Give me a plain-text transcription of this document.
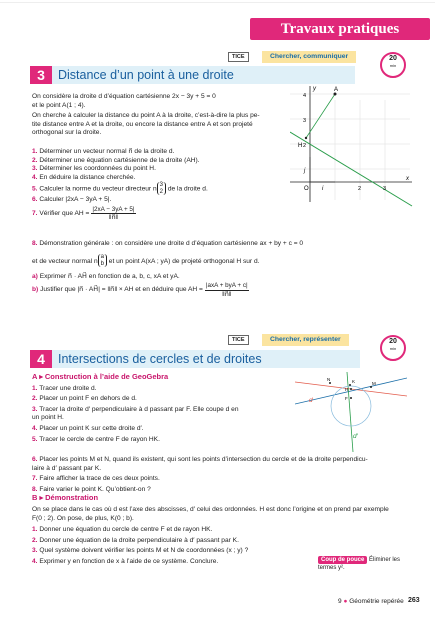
Travaux pratiques
TICE	Chercher, communiquer	20
min
3	Distance d’un point à une droite
On considère la droite d d’équation cartésienne 2x − 3y + 5 = 0
et le point A(1 ; 4).
On cherche à calculer la distance du point A à la droite, c’est-à-dire la plus pe-
tite distance entre A et la droite, ou encore la distance entre A et son projeté
orthogonal sur la droite.
1. Déterminer un vecteur normal n⃗ de la droite d.
2. Déterminer une équation cartésienne de la droite (AH).
3. Déterminer les coordonnées du point H.
4. En déduire la distance cherchée.
5. Calculer la norme du vecteur directeur n
3
2 de la droite d.
6. Calculer |2xA − 3yA + 5|.
7.
Vérifier que AH = $\frac{|2xA - 3yA + 5|}{‖n⃗‖}$
8. Démonstration générale : on considère une droite d d’équation cartésienne ax + by + c = 0
et de vecteur normal n
a
b et un point A(xA ; yA) de projeté orthogonal H sur d.
a) Exprimer n⃗ · AH⃗ en fonction de a, b, c, xA et yA.
b)
Justifier que |n⃗ · AH⃗| = ‖n⃗‖ × AH et en déduire que AH =
|axA + byA + c|
‖n⃗‖
y
x
O i
j
A
H
4
3
2
2	3
TICE	Chercher, représenter	20
min
4	Intersections de cercles et de droites
A ▸ Construction à l’aide de GeoGebra
1. Tracer une droite d.
2. Placer un point F en dehors de d.
3. Tracer la droite d′ perpendiculaire à d passant par F. Elle coupe d en
un point H.
4. Placer un point K sur cette droite d′.
5. Tracer le cercle de centre F de rayon HK.
6. Placer les points M et N, quand ils existent, qui sont les points d’intersection du cercle et de la droite perpendicu-
laire à d′ passant par K.
7. Faire afficher la trace de ces deux points.
8. Faire varier le point K. Qu’obtient-on ?
B ▸ Démonstration
On se place dans le cas où d est l’axe des abscisses, d′ celui des ordonnées. H est donc l’origine et on prend par exemple
F(0 ; 2). On pose, de plus, K(0 ; b).
1. Donner une équation du cercle de centre F et de rayon HK.
2. Donner une équation de la droite perpendiculaire à d′ passant par K.
3. Quel système doivent vérifier les points M et N de coordonnées (x ; y) ?
4. Exprimer y en fonction de x à l’aide de ce système. Conclure.
d
d′
N
M
K
F
H
Coup de pouce Éliminer les termes y².
9 ● Géométrie repérée 263
